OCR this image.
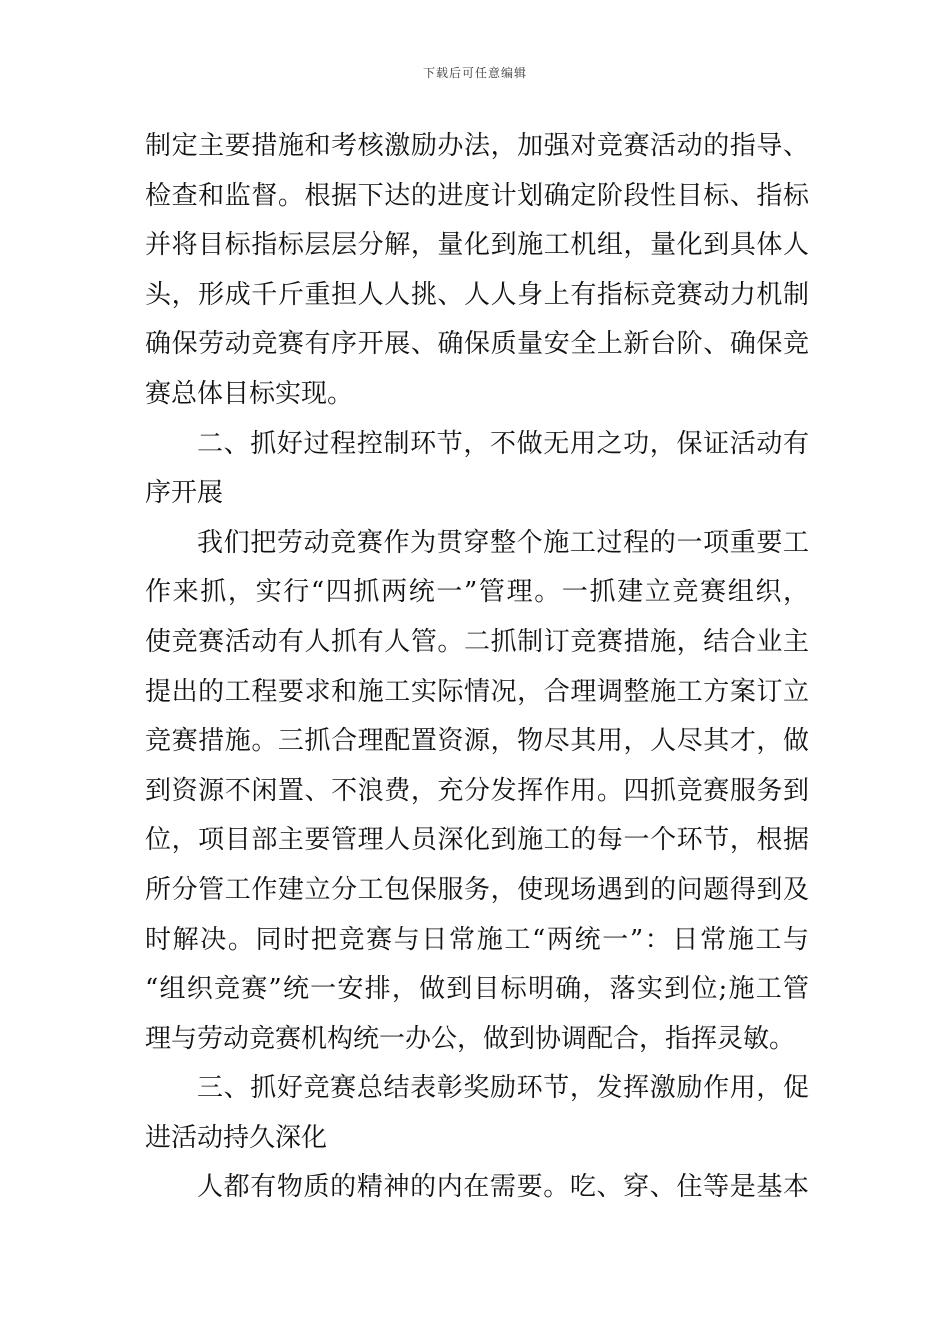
下载后可任意编辑
制定主要措施和考核激励办法，加强对竞赛活动的指导、
检查和监督。根据下达的进度计划确定阶段性目标、指标
并将目标指标层层分解，量化到施工机组，量化到具体人
头，形成千斤重担人人挑、人人身上有指标竞赛动力机制
确保劳动竞赛有序开展、确保质量安全上新台阶、确保竞
赛总体目标实现。
二、抓好过程控制环节，不做无用之功，保证活动有
序开展
我们把劳动竞赛作为贯穿整个施工过程的一项重要工
作来抓，实行“四抓两统一”管理。一抓建立竞赛组织，
使竞赛活动有人抓有人管。二抓制订竞赛措施，结合业主
提出的工程要求和施工实际情况，合理调整施工方案订立
竞赛措施。三抓合理配置资源，物尽其用，人尽其才，做
到资源不闲置、不浪费，充分发挥作用。四抓竞赛服务到
位，项目部主要管理人员深化到施工的每一个环节，根据
所分管工作建立分工包保服务，使现场遇到的问题得到及
时解决。同时把竞赛与日常施工“两统一”：日常施工与
“组织竞赛”统一安排，做到目标明确，落实到位;施工管
理与劳动竞赛机构统一办公，做到协调配合，指挥灵敏。
三、抓好竞赛总结表彰奖励环节，发挥激励作用，促
进活动持久深化
人都有物质的精神的内在需要。吃、穿、住等是基本
